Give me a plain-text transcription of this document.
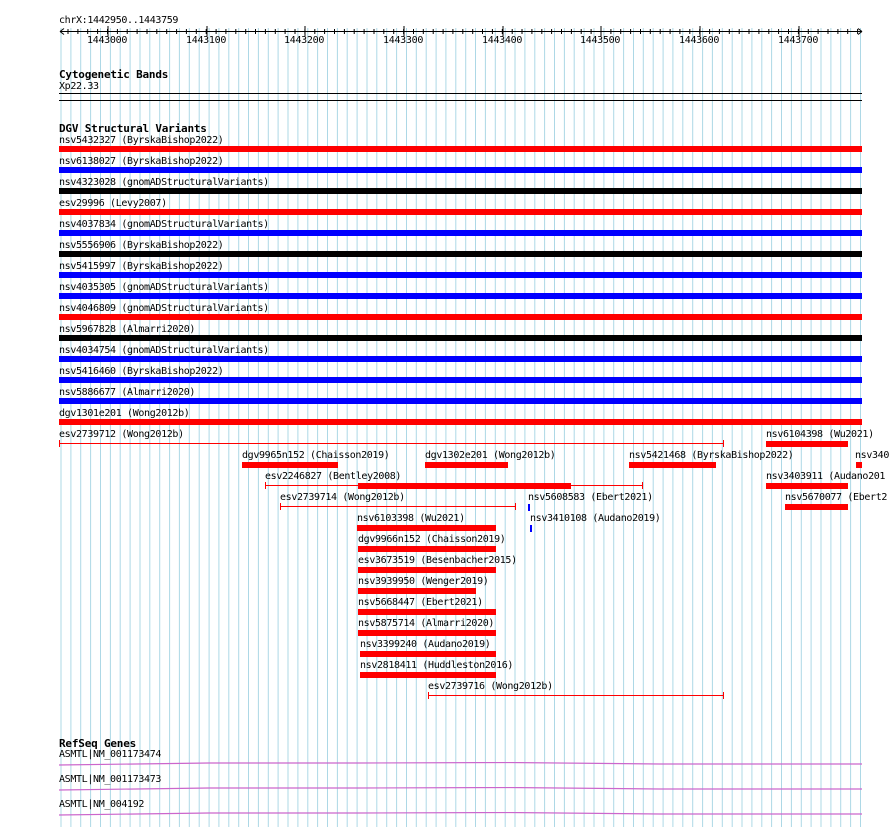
chrX:1442950..1443759
1443000	1443100	1443200	1443300	1443400	1443500	1443600	1443700
Cytogenetic Bands
Xp22.33
DGV Structural Variants
nsv5432327 (ByrskaBishop2022)
nsv6138027 (ByrskaBishop2022)
nsv4323028 (gnomADStructuralVariants)
esv29996 (Levy2007)
nsv4037834 (gnomADStructuralVariants)
nsv5556906 (ByrskaBishop2022)
nsv5415997 (ByrskaBishop2022)
nsv4035305 (gnomADStructuralVariants)
nsv4046809 (gnomADStructuralVariants)
nsv5967828 (Almarri2020)
nsv4034754 (gnomADStructuralVariants)
nsv5416460 (ByrskaBishop2022)
nsv5886677 (Almarri2020)
dgv1301e201 (Wong2012b)
esv2739712 (Wong2012b)	nsv6104398 (Wu2021)
nsv340
dgv9965n152 (Chaisson2019)	dgv1302e201 (Wong2012b)	nsv5421468 (ByrskaBishop2022)
esv2246827 (Bentley2008)	nsv3403911 (Audano201
esv2739714 (Wong2012b)	nsv5608583 (Ebert2021)	nsv5670077 (Ebert2
nsv6103398 (Wu2021)	nsv3410108 (Audano2019)
dgv9966n152 (Chaisson2019)
esv3673519 (Besenbacher2015)
nsv3939950 (Wenger2019)
nsv5668447 (Ebert2021)
nsv5875714 (Almarri2020)
nsv3399240 (Audano2019)
nsv2818411 (Huddleston2016)
esv2739716 (Wong2012b)
RefSeq Genes
ASMTL|NM_001173474
ASMTL|NM_001173473
ASMTL|NM_004192
